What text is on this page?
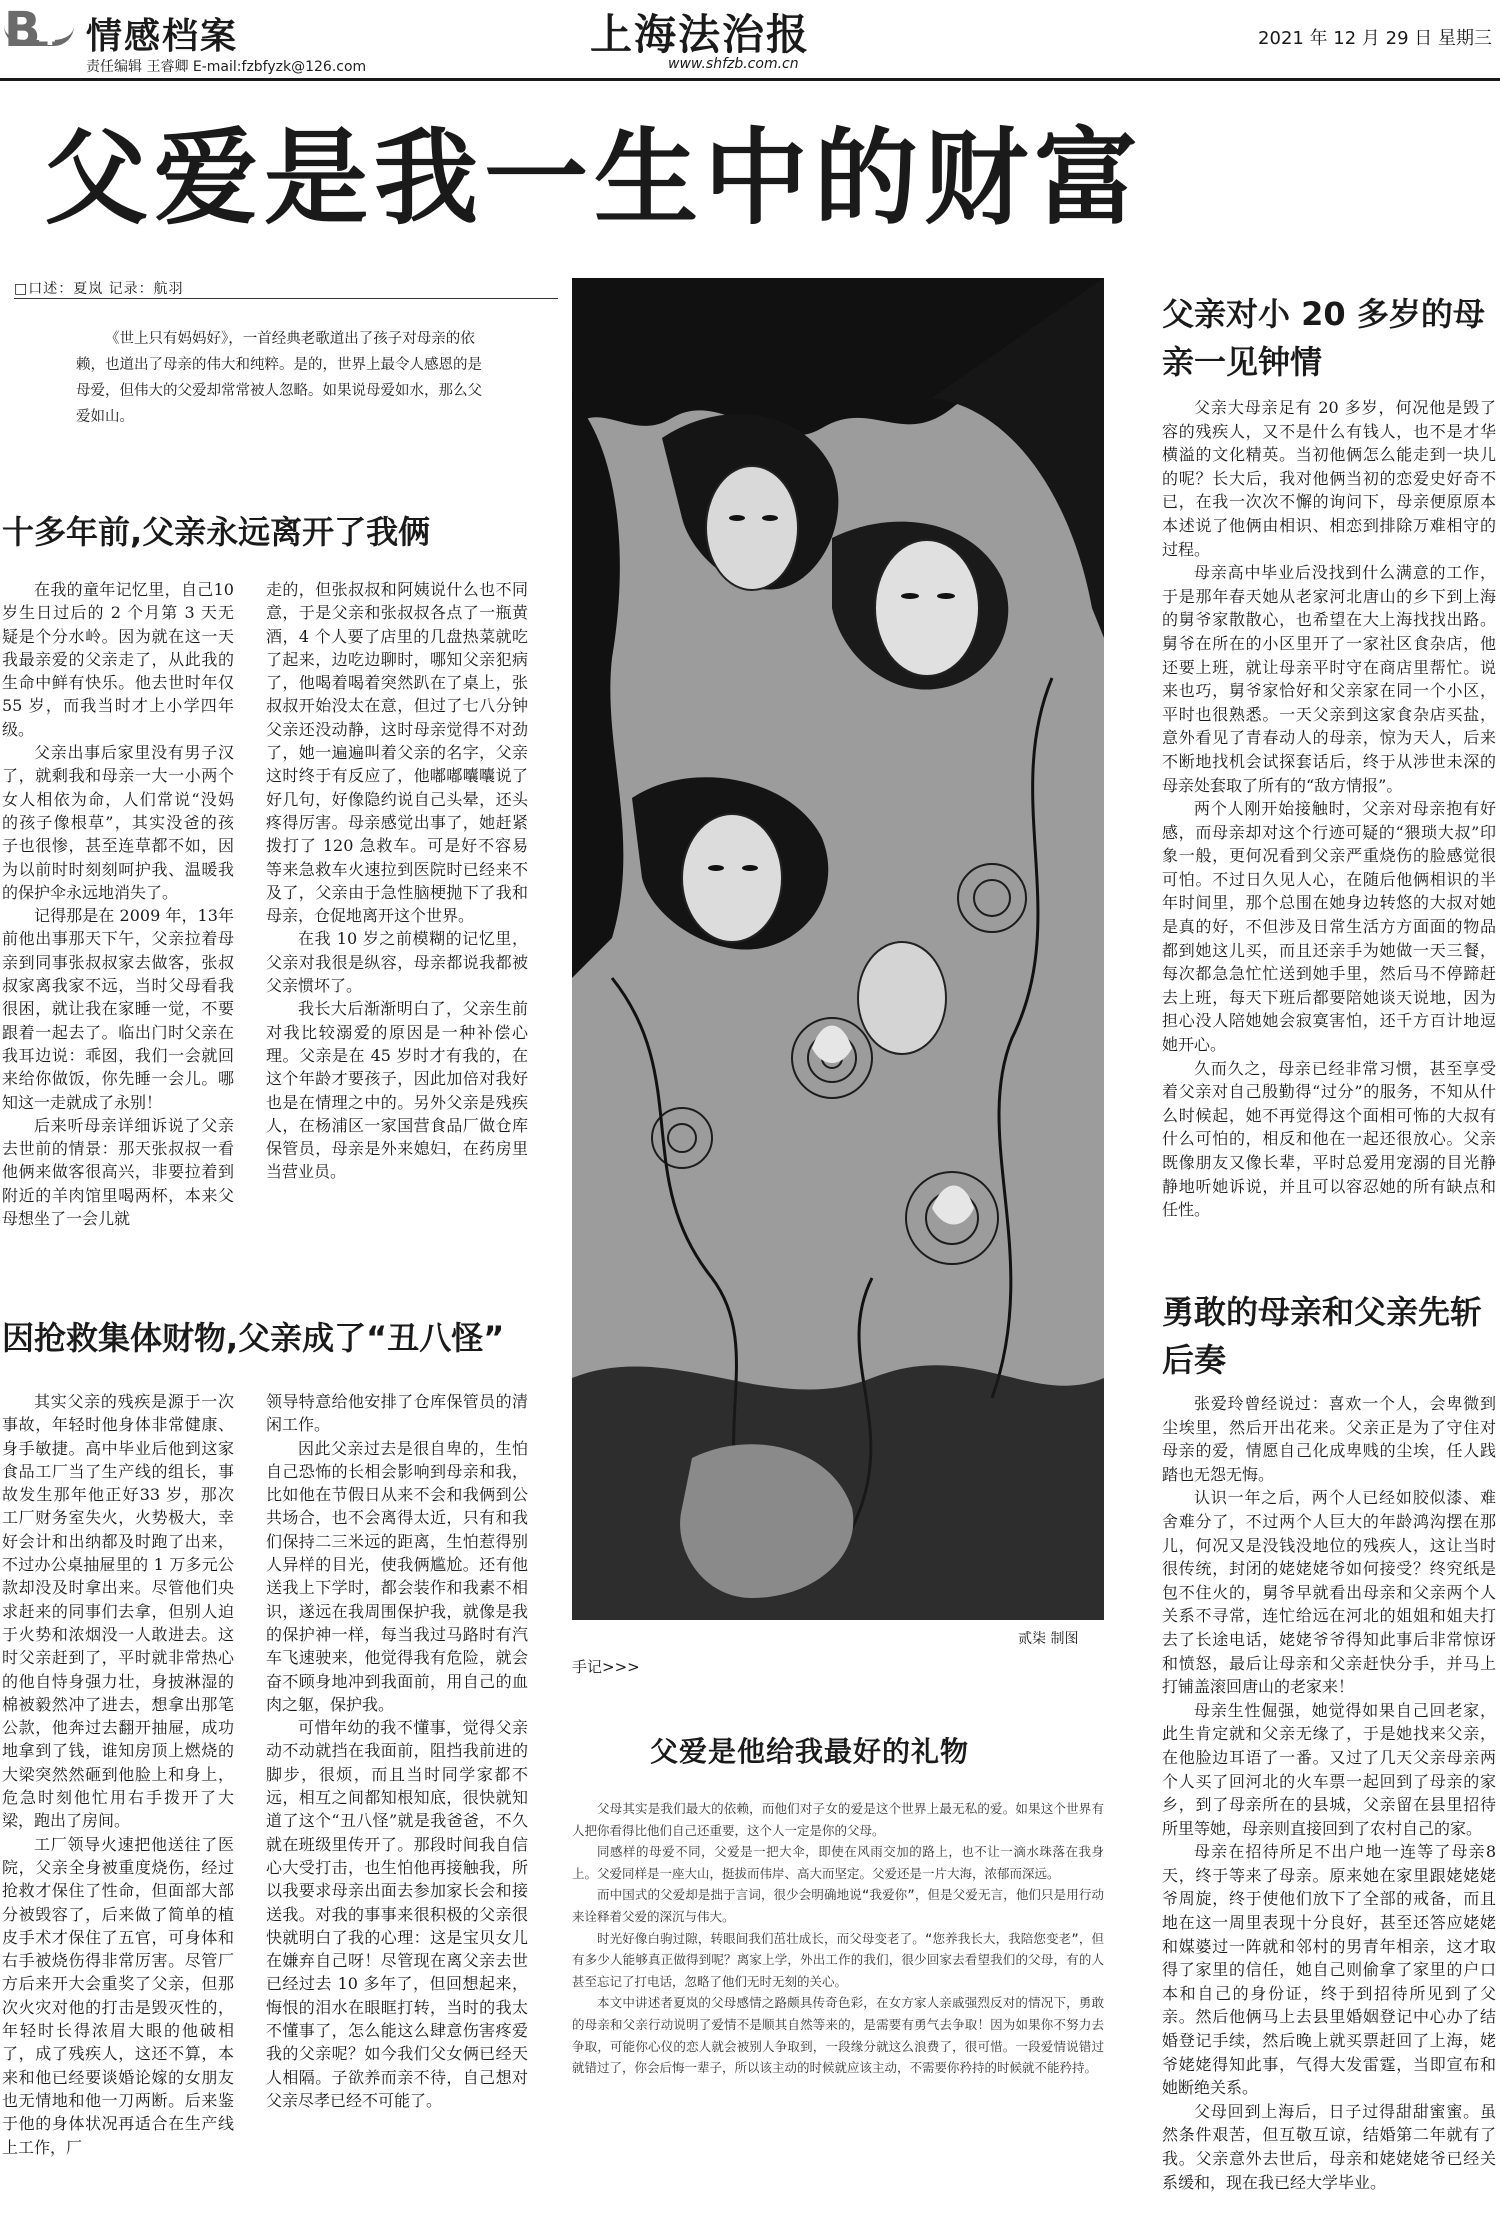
B
4 情感档案
责任编辑 王睿卿 E-mail:fzbfyzk@126.com
上海法治报
www.shfzb.com.cn
2021 年 12 月 29 日 星期三
父爱是我一生中的财富
□口述：夏岚 记录：航羽

《世上只有妈妈好》，一首经典老歌道出了孩子对母亲的依赖，也道出了母亲的伟大和纯粹。是的，世界上最令人感恩的是母爱，但伟大的父爱却常常被人忽略。如果说母爱如水，那么父爱如山。

十多年前,父亲永远离开了我俩

在我的童年记忆里，自己10 岁生日过后的 2 个月第 3 天无疑是个分水岭。因为就在这一天我最亲爱的父亲走了，从此我的生命中鲜有快乐。他去世时年仅 55 岁，而我当时才上小学四年级。

父亲出事后家里没有男子汉了，就剩我和母亲一大一小两个女人相依为命，人们常说“没妈的孩子像根草”，其实没爸的孩子也很惨，甚至连草都不如，因为以前时时刻刻呵护我、温暖我的保护伞永远地消失了。

记得那是在 2009 年，13年前他出事那天下午，父亲拉着母亲到同事张叔叔家去做客，张叔叔家离我家不远，当时父母看我很困，就让我在家睡一觉，不要跟着一起去了。临出门时父亲在我耳边说：乖囡，我们一会就回来给你做饭，你先睡一会儿。哪知这一走就成了永别！

后来听母亲详细诉说了父亲去世前的情景：那天张叔叔一看他俩来做客很高兴，非要拉着到附近的羊肉馆里喝两杯，本来父母想坐了一会儿就

走的，但张叔叔和阿姨说什么也不同意，于是父亲和张叔叔各点了一瓶黄酒，4 个人要了店里的几盘热菜就吃了起来，边吃边聊时，哪知父亲犯病了，他喝着喝着突然趴在了桌上，张叔叔开始没太在意，但过了七八分钟父亲还没动静，这时母亲觉得不对劲了，她一遍遍叫着父亲的名字，父亲这时终于有反应了，他嘟嘟囔囔说了好几句，好像隐约说自己头晕，还头疼得厉害。母亲感觉出事了，她赶紧拨打了 120 急救车。可是好不容易等来急救车火速拉到医院时已经来不及了，父亲由于急性脑梗抛下了我和母亲，仓促地离开这个世界。

在我 10 岁之前模糊的记忆里，父亲对我很是纵容，母亲都说我都被父亲惯坏了。

我长大后渐渐明白了，父亲生前对我比较溺爱的原因是一种补偿心理。父亲是在 45 岁时才有我的，在这个年龄才要孩子，因此加倍对我好也是在情理之中的。另外父亲是残疾人，在杨浦区一家国营食品厂做仓库保管员，母亲是外来媳妇，在药房里当营业员。

因抢救集体财物,父亲成了“丑八怪”

其实父亲的残疾是源于一次事故，年轻时他身体非常健康、身手敏捷。高中毕业后他到这家食品工厂当了生产线的组长，事故发生那年他正好33 岁，那次工厂财务室失火，火势极大，幸好会计和出纳都及时跑了出来，不过办公桌抽屉里的 1 万多元公款却没及时拿出来。尽管他们央求赶来的同事们去拿，但别人迫于火势和浓烟没一人敢进去。这时父亲赶到了，平时就非常热心的他自恃身强力壮，身披淋湿的棉被毅然冲了进去，想拿出那笔公款，他奔过去翻开抽屉，成功地拿到了钱，谁知房顶上燃烧的大梁突然然砸到他脸上和身上，危急时刻他忙用右手拨开了大梁，跑出了房间。

工厂领导火速把他送往了医院，父亲全身被重度烧伤，经过抢救才保住了性命，但面部大部分被毁容了，后来做了简单的植皮手术才保住了五官，可身体和右手被烧伤得非常厉害。尽管厂方后来开大会重奖了父亲，但那次火灾对他的打击是毁灭性的，年轻时长得浓眉大眼的他破相了，成了残疾人，这还不算，本来和他已经要谈婚论嫁的女朋友也无情地和他一刀两断。后来鉴于他的身体状况再适合在生产线上工作，厂

领导特意给他安排了仓库保管员的清闲工作。

因此父亲过去是很自卑的，生怕自己恐怖的长相会影响到母亲和我，比如他在节假日从来不会和我俩到公共场合，也不会离得太近，只有和我们保持二三米远的距离，生怕惹得别人异样的目光，使我俩尴尬。还有他送我上下学时，都会装作和我素不相识，遂远在我周围保护我，就像是我的保护神一样，每当我过马路时有汽车飞速驶来，他觉得我有危险，就会奋不顾身地冲到我面前，用自己的血肉之躯，保护我。

可惜年幼的我不懂事，觉得父亲动不动就挡在我面前，阻挡我前进的脚步，很烦，而且当时同学家都不远，相互之间都知根知底，很快就知道了这个“丑八怪”就是我爸爸，不久就在班级里传开了。那段时间我自信心大受打击，也生怕他再接触我，所以我要求母亲出面去参加家长会和接送我。对我的事事来很积极的父亲很快就明白了我的心理：这是宝贝女儿在嫌弃自己呀！尽管现在离父亲去世已经过去 10 多年了，但回想起来，悔恨的泪水在眼眶打转，当时的我太不懂事了，怎么能这么肆意伤害疼爱我的父亲呢？如今我们父女俩已经天人相隔。子欲养而亲不待，自己想对父亲尽孝已经不可能了。

贰柒 制图
手记>>>
父爱是他给我最好的礼物

父母其实是我们最大的依赖，而他们对子女的爱是这个世界上最无私的爱。如果这个世界有人把你看得比他们自己还重要，这个人一定是你的父母。

同感样的母爱不同，父爱是一把大伞，即使在风雨交加的路上，也不让一滴水珠落在我身上。父爱同样是一座大山，挺拔而伟岸、高大而坚定。父爱还是一片大海，浓郁而深远。

而中国式的父爱却是拙于言词，很少会明确地说“我爱你”，但是父爱无言，他们只是用行动来诠释着父爱的深沉与伟大。

时光好像白驹过隙，转眼间我们茁壮成长，而父母变老了。“您养我长大，我陪您变老”，但有多少人能够真正做得到呢？离家上学，外出工作的我们，很少回家去看望我们的父母，有的人甚至忘记了打电话，忽略了他们无时无刻的关心。

本文中讲述者夏岚的父母感情之路颇具传奇色彩，在女方家人亲戚强烈反对的情况下，勇敢的母亲和父亲行动说明了爱情不是顺其自然等来的，是需要有勇气去争取！因为如果你不努力去争取，可能你心仪的恋人就会被别人争取到，一段缘分就这么浪费了，很可惜。一段爱情说错过就错过了，你会后悔一辈子，所以该主动的时候就应该主动，不需要你矜持的时候就不能矜持。

父亲对小 20 多岁的母亲一见钟情

父亲大母亲足有 20 多岁，何况他是毁了容的残疾人，又不是什么有钱人，也不是才华横溢的文化精英。当初他俩怎么能走到一块儿的呢？长大后，我对他俩当初的恋爱史好奇不已，在我一次次不懈的询问下，母亲便原原本本述说了他俩由相识、相恋到排除万难相守的过程。

母亲高中毕业后没找到什么满意的工作，于是那年春天她从老家河北唐山的乡下到上海的舅爷家散散心，也希望在大上海找找出路。舅爷在所在的小区里开了一家社区食杂店，他还要上班，就让母亲平时守在商店里帮忙。说来也巧，舅爷家恰好和父亲家在同一个小区，平时也很熟悉。一天父亲到这家食杂店买盐，意外看见了青春动人的母亲，惊为天人，后来不断地找机会试探套话后，终于从涉世未深的母亲处套取了所有的“敌方情报”。

两个人刚开始接触时，父亲对母亲抱有好感，而母亲却对这个行迹可疑的“猥琐大叔”印象一般，更何况看到父亲严重烧伤的脸感觉很可怕。不过日久见人心，在随后他俩相识的半年时间里，那个总围在她身边转悠的大叔对她是真的好，不但涉及日常生活方方面面的物品都到她这儿买，而且还亲手为她做一天三餐，每次都急急忙忙送到她手里，然后马不停蹄赶去上班，每天下班后都要陪她谈天说地，因为担心没人陪她她会寂寞害怕，还千方百计地逗她开心。

久而久之，母亲已经非常习惯，甚至享受着父亲对自己殷勤得“过分”的服务，不知从什么时候起，她不再觉得这个面相可怖的大叔有什么可怕的，相反和他在一起还很放心。父亲既像朋友又像长辈，平时总爱用宠溺的目光静静地听她诉说，并且可以容忍她的所有缺点和任性。

勇敢的母亲和父亲先斩后奏

张爱玲曾经说过：喜欢一个人，会卑微到尘埃里，然后开出花来。父亲正是为了守住对母亲的爱，情愿自己化成卑贱的尘埃，任人践踏也无怨无悔。

认识一年之后，两个人已经如胶似漆、难舍难分了，不过两个人巨大的年龄鸿沟摆在那儿，何况又是没钱没地位的残疾人，这让当时很传统，封闭的姥姥姥爷如何接受？终究纸是包不住火的，舅爷早就看出母亲和父亲两个人关系不寻常，连忙给远在河北的姐姐和姐夫打去了长途电话，姥姥爷爷得知此事后非常惊讶和愤怒，最后让母亲和父亲赶快分手，并马上打铺盖滚回唐山的老家来！

母亲生性倔强，她觉得如果自己回老家，此生肯定就和父亲无缘了，于是她找来父亲，在他脸边耳语了一番。又过了几天父亲母亲两个人买了回河北的火车票一起回到了母亲的家乡，到了母亲所在的县城，父亲留在县里招待所里等她，母亲则直接回到了农村自己的家。

母亲在招待所足不出户地一连等了母亲8 天，终于等来了母亲。原来她在家里跟姥姥姥爷周旋，终于使他们放下了全部的戒备，而且地在这一周里表现十分良好，甚至还答应姥姥和媒婆过一阵就和邻村的男青年相亲，这才取得了家里的信任，她自己则偷拿了家里的户口本和自己的身份证，终于到招待所见到了父亲。然后他俩马上去县里婚姻登记中心办了结婚登记手续，然后晚上就买票赶回了上海，姥爷姥姥得知此事，气得大发雷霆，当即宣布和她断绝关系。

父母回到上海后，日子过得甜甜蜜蜜。虽然条件艰苦，但互敬互谅，结婚第二年就有了我。父亲意外去世后，母亲和姥姥姥爷已经关系缓和，现在我已经大学毕业。
